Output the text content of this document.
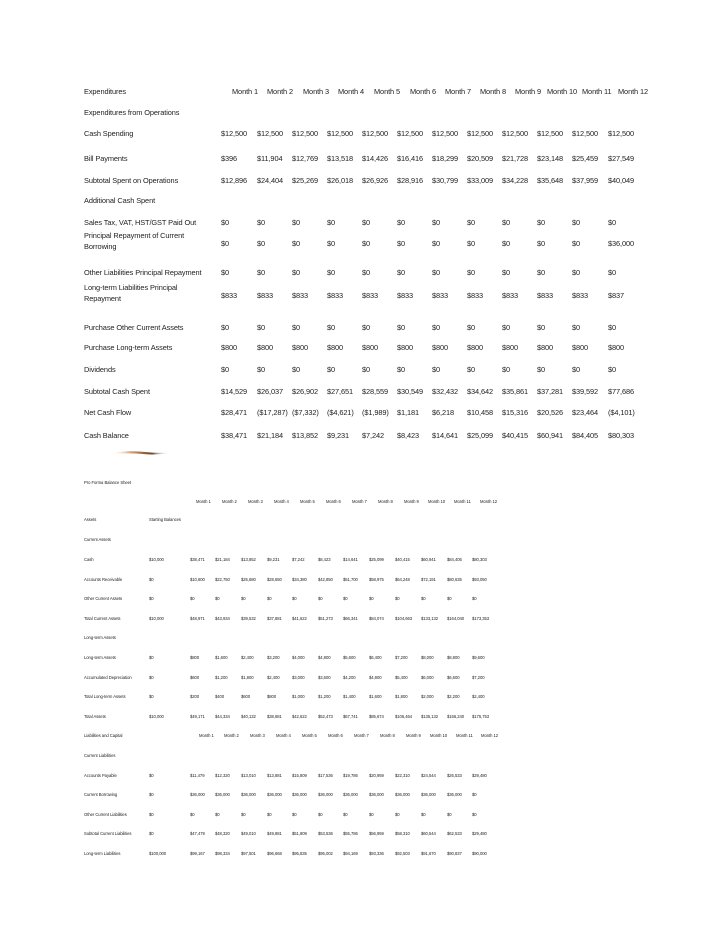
Expenditures	Month 1 Month 2 Month 3 Month 4 Month 5 Month 6 Month 7 Month 8 Month 9 Month 10 Month 11 Month 12
Expenditures from Operations
Cash Spending	$12,500 $12,500 $12,500 $12,500 $12,500 $12,500 $12,500 $12,500 $12,500 $12,500 $12,500 $12,500
Bill Payments	$396	$11,904 $12,769 $13,518 $14,426 $16,416 $18,299 $20,509 $21,728 $23,148 $25,459 $27,549
Subtotal Spent on Operations	$12,896 $24,404 $25,269 $26,018 $26,926 $28,916 $30,799 $33,009 $34,228 $35,648 $37,959 $40,049
Additional Cash Spent
Sales Tax, VAT, HST/GST Paid Out	$0	$0	$0	$0	$0	$0	$0	$0	$0	$0	$0	$0
Principal Repayment of Current
Borrowing	$0	$0	$0	$0	$0	$0	$0	$0	$0	$0	$0	$36,000
Other Liabilities Principal Repayment	$0	$0	$0	$0	$0	$0	$0	$0	$0	$0	$0	$0
Long-term Liabilities Principal
Repayment	$833	$833	$833	$833	$833	$833	$833	$833	$833	$833	$833	$837
Purchase Other Current Assets	$0	$0	$0	$0	$0	$0	$0	$0	$0	$0	$0	$0
Purchase Long-term Assets	$800	$800	$800	$800	$800	$800	$800	$800	$800	$800	$800	$800
Dividends	$0	$0	$0	$0	$0	$0	$0	$0	$0	$0	$0	$0
Subtotal Cash Spent	$14,529 $26,037 $26,902 $27,651 $28,559 $30,549 $32,432 $34,642 $35,861 $37,281 $39,592 $77,686
Net Cash Flow	$28,471 ($17,287) ($7,332) ($4,621) ($1,989) $1,181 $6,218 $10,458 $15,316 $20,526 $23,464 ($4,101)
Cash Balance	$38,471 $21,184 $13,852 $9,231 $7,242 $8,423 $14,641 $25,099 $40,415 $60,941 $84,405 $80,303
Pro Forma Balance Sheet
Month 1	Month 2	Month 3	Month 4	Month 5	Month 6	Month 7	Month 8	Month 9 Month 10 Month 11 Month 12
Assets	Starting Balances
Current Assets
Cash	$10,000	$38,471 $21,184	$13,852	$9,231	$7,242	$8,423	$14,641	$25,099	$40,415	$60,941	$84,405 $80,303
Accounts Receivable	$0	$10,600 $22,750	$25,680	$28,650 $34,380	$42,850 $51,700	$58,975	$64,248	$72,191	$80,635 $93,050
Other Current Assets	$0	$0	$0	$0	$0	$0	$0	$0	$0	$0	$0	$0	$0
Total Current Assets	$10,000	$48,971 $43,934	$39,532	$37,881 $41,622	$51,273 $66,341	$84,074	$104,663 $133,132 $164,040 $173,353
Long-term Assets
Long-term Assets	$0	$800	$1,600	$2,400	$3,200	$4,000	$4,800	$5,600	$6,400	$7,200	$8,000	$8,800	$9,600
Accumulated Depreciation	$0	$600	$1,200	$1,800	$2,400	$3,000	$3,600	$4,200	$4,800	$5,400	$6,000	$6,600	$7,200
Total Long-term Assets	$0	$200	$400	$600	$800	$1,000	$1,200	$1,400	$1,600	$1,800	$2,000	$2,200	$2,400
Total Assets	$10,000	$49,171 $44,334	$40,132	$38,681 $42,622	$52,473 $67,741	$85,674	$106,464 $135,132 $166,240 $175,753
Liabilities and Capital	Month 1 Month 2	Month 3	Month 4	Month 5	Month 6	Month 7	Month 8	Month 9 Month 10 Month 11 Month 12
Current Liabilities
Accounts Payable	$0	$11,479	$12,320	$13,010	$13,881 $15,809	$17,536 $19,786	$20,959	$22,310	$24,544	$26,533 $29,480
Current Borrowing	$0	$36,000 $36,000	$36,000	$36,000 $36,000	$36,000 $36,000	$36,000	$36,000	$36,000	$36,000 $0
Other Current Liabilities	$0	$0	$0	$0	$0	$0	$0	$0	$0	$0	$0	$0	$0
Subtotal Current Liabilities	$0	$47,479 $48,320	$49,010	$49,881 $51,809	$53,536 $55,786	$56,959	$58,310	$60,544	$62,533 $29,480
Long-term Liabilities	$100,000	$99,167 $98,334	$97,501	$96,668 $95,835	$95,002 $94,169	$93,336	$92,503	$91,670	$90,837 $90,000
